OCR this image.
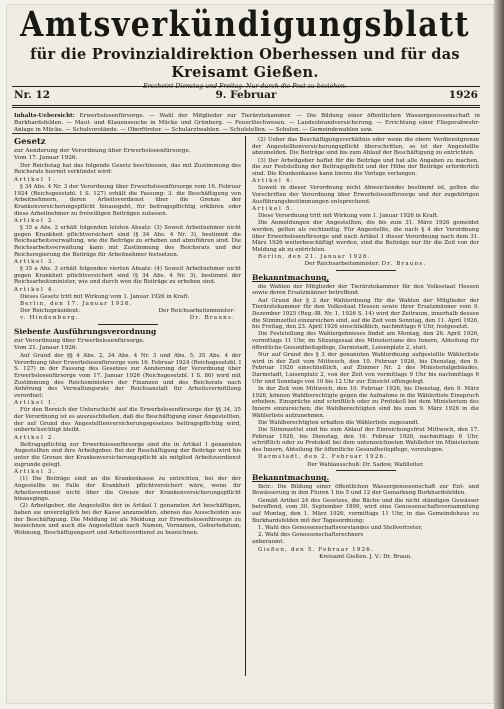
Amtsverkündigungsblatt
für die Provinzialdirektion Oberhessen und für das Kreisamt Gießen.
Erscheint Dienstag und Freitag. Nur durch die Post zu beziehen.
Nr. 12	9. Februar	1926
Inhalts-Uebersicht: Erwerbslosenfürsorge. — Wahl der Mitglieder zur Tierärztekammer. — Die Bildung einer öffentlichen Wassergenossenschaft in Burkhardsfelden. — Maul- und Klauenseuche in Mücke und Grünberg. — Feuerlöschwesen. — Landesbrandversicherung. — Errichtung einer Fliegerabwehr-Anlage in Mücke. — Schulvorstände. — Oberförster. — Schularztwahlen. — Schulstellen. — Schulen. — Gemeindewahlen usw.

Gesetz

zur Aenderung der Verordnung über Erwerbslosenfürsorge.

Vom 17. Januar 1926.

Der Reichstag hat das folgende Gesetz beschlossen, das mit Zustimmung des Reichsrats hiermit verkündet wird:

Artikel 1.

§ 34 Abs. 4 Nr. 3 der Verordnung über Erwerbslosenfürsorge vom 16. Februar 1924 (Reichsgesetzbl. I S. 127) erhält die Fassung: 3. die Beschäftigung von Arbeitnehmern, deren Arbeitsverdienst über die Grenze der Krankenversicherungspflicht hinausgeht, für beitragspflichtig erklären oder diese Arbeitnehmer zu freiwilligen Beiträgen zulassen.

Artikel 2.

§ 35 a Abs. 2 erhält folgenden letzten Absatz: (3) Soweit Arbeitnehmer nicht gegen Krankheit pflichtversichert sind (§ 34 Abs. 4 Nr. 3), bestimmt die Reichsarbeitsverwaltung, wie die Beiträge zu erheben und abzuführen sind. Die Reichsarbeitsverwaltung kann mit Zustimmung des Reichsrats und der Reichsregierung die Beiträge für Arbeitnehmer festsetzen.

Artikel 3.

§ 35 a Abs. 3 erhält folgenden vierten Absatz: (4) Soweit Arbeitnehmer nicht gegen Krankheit pflichtversichert sind (§ 34 Abs. 4 Nr. 3), bestimmt der Reichsarbeitsminister, wie und durch wen die Beiträge zu erheben sind.

Artikel 4.

Dieses Gesetz tritt mit Wirkung vom 1. Januar 1926 in Kraft.

Berlin, den 17. Januar 1926.

Der Reichspräsident:	Der Reichsarbeitsminister:
v. Hindenburg.	Dr. Brauns.

Siebente Ausführungsverordnung

zur Verordnung über Erwerbslosenfürsorge.

Vom 21. Januar 1926.

Auf Grund der §§ 4 Abs. 2, 34 Abs. 4 Nr. 3 und Abs. 5, 35 Abs. 4 der Verordnung über Erwerbslosenfürsorge vom 16. Februar 1924 (Reichsgesetzbl. I S. 127) in der Fassung des Gesetzes zur Aenderung der Verordnung über Erwerbslosenfürsorge vom 17. Januar 1926 (Reichsgesetzbl. I S. 86) wird mit Zustimmung des Reichsministers der Finanzen und des Reichsrats nach Anhörung des Verwaltungsrats der Reichsanstalt für Arbeitsvermittlung verordnet:

Artikel 1.

Für den Bereich der Unterschicht auf die Erwerbslosenfürsorge der §§ 34, 35 der Verordnung ist es auszuschließen, daß die Beschäftigung einer Angestellten, der auf Grund des Angestelltenversicherungsgesetzes beitragspflichtig wird, unberücksichtigt bleibt.

Artikel 2.

Beitragspflichtig zur Erwerbslosenfürsorge sind die in Artikel 1 genannten Angestellten und ihre Arbeitgeber. Bei der Beschäftigung der Beiträge wird bis unter die Grenze der Krankenversicherungspflicht als mitglied Arbeitsverdienst zugrunde gelegt.

Artikel 3.

(1) Die Beiträge sind an die Krankenkasse zu entrichten, bei der der Angestellte im Falle der Krankheit pflichtversichert wäre, wenn ihr Arbeitsverdienst nicht über die Grenze der Krankenversicherungspflicht hinausginge.

(2) Arbeitgeber, die Angestellte der in Artikel 1 genannten Art beschäftigen, haben sie unverzüglich bei der Kasse anzumelden, ebenso das Ausscheiden aus der Beschäftigung. Die Meldung ist als Meldung zur Erwerbslosenfürsorge zu bezeichnen und auch die Angestellten nach Namen, Vornamen, Geburtsdatum, Wohnung, Beschäftigungsort und Arbeitsverdienst zu bezeichnen.

(2) Ueber das Beschäftigungsverhältnis oder wenn die obere Verdienstgrenze der Angestelltenversicherungspflicht überschritten, so ist der Angestellte abzumelden. Die Beiträge sind bis zum Ablauf der Beschäftigung zu entrichten.

(3) Der Arbeitgeber haftet für die Beiträge und hat alle Angaben zu machen, die zur Feststellung der Beitragspflicht und der Höhe der Beiträge erforderlich sind. Die Krankenkasse kann hierzu die Vorlage verlangen.

Artikel 4.

Soweit in dieser Verordnung nicht Abweichendes bestimmt ist, gelten die Vorschriften der Verordnung über Erwerbslosenfürsorge und der zugehörigen Ausführungsbestimmungen entsprechend.

Artikel 5.

Diese Verordnung tritt mit Wirkung vom 1. Januar 1926 in Kraft.

Die Anmeldungen der Angestellten, die bis zum 31. März 1926 gemeldet werden, gelten als rechtzeitig. Für Angestellte, die nach § 4 der Verordnung über Erwerbslosenfürsorge und nach Artikel 1 dieser Verordnung nach dem 31. März 1926 weiterbeschäftigt werden, sind die Beiträge nur für die Zeit von der Meldung ab zu entrichten.

Berlin, den 21. Januar 1926.

Der Reichsarbeitsminister: Dr. Brauns.

Bekanntmachung,

die Wahlen der Mitglieder der Tierärztekammer für den Volksstaat Hessen sowie deren Ersatzmänner betreffend.

Auf Grund der § 2 der Wahlordnung für die Wahlen der Mitglieder der Tierärztekammer für den Volksstaat Hessen sowie ihrer Ersatzmänner vom 9. Dezember 1925 (Reg.-Bl. Nr. 1, 1926 S. 14) wird der Zeitraum, innerhalb dessen die Stimmzettel einzureichen sind, auf die Zeit vom Sonntag, den 11. April 1926, bis Freitag, den 23. April 1926 einschließlich, nachmittags 6 Uhr, festgesetzt.

Die Feststellung des Wahlergebnisses findet am Montag, den 26. April 1926, vormittags 11 Uhr, im Sitzungssaal des Ministeriums des Innern, Abteilung für öffentliche Gesundheitspflege, Darmstadt, Luisenplatz 2, statt.

Nur auf Grund des § 3 der genannten Wahlordnung aufgestellte Wählerliste wird in der Zeit vom Mittwoch, den 10. Februar 1926, bis Dienstag, den 9. Februar 1926 einschließlich, auf Zimmer Nr. 2 des Ministerialgebäudes, Darmstadt, Luisenplatz 2, von der Zeit von vormittags 9 Uhr bis nachmittags 6 Uhr und Sonntags von 10 bis 12 Uhr zur Einsicht offengelegt.

In der Zeit vom Mittwoch, den 10. Februar 1926, bis Dienstag, den 9. März 1926, können Wahlberechtigte gegen die Aufnahme in die Wählerliste Einspruch erheben. Einsprüche sind schriftlich oder zu Protokoll bei dem Ministerium des Innern einzureichen; die Wahlberechtigten sind bis zum 9. März 1926 in die Wählerliste aufzunehmen.

Die Wahlberechtigten erhalten die Wählerliste zugesandt.

Die Stimmzettel sind bis zum Ablauf der Einreichungsfrist Mittwoch, den 17. Februar 1926, bis Dienstag, den 16. Februar 1926, nachmittags 6 Uhr, schriftlich oder zu Protokoll bei dem untenzeichneten Wahlleiter im Ministerium des Innern, Abteilung für öffentliche Gesundheitspflege, vorzulegen.

Darmstadt, den 2. Februar 1926.

Der Wahlausschuß: Dr. Sadow, Wahlleiter.

Bekanntmachung.

Betr.: Die Bildung einer öffentlichen Wassergenossenschaft zur Ent- und Bewässerung in den Fluren 1 bis 5 und 12 der Gemarkung Burkhardsfelden.

Gemäß Artikel 24 des Gesetzes, die Bäche und die nicht ständigen Gewässer betreffend, vom 30. September 1899, wird eine Genossenschaftsversammlung auf Montag, den 1. März 1926, vormittags 11 Uhr, in das Gemeindehaus zu Burkhardsfelden mit der Tagesordnung:

1. Wahl des Genossenschaftsvorstandes und Stellvertreter,

2. Wahl des Genossenschaftsrechners

anberaumt.

Gießen, den 5. Februar 1926.

Kreisamt Gießen. J. V.: Dr. Braun.
